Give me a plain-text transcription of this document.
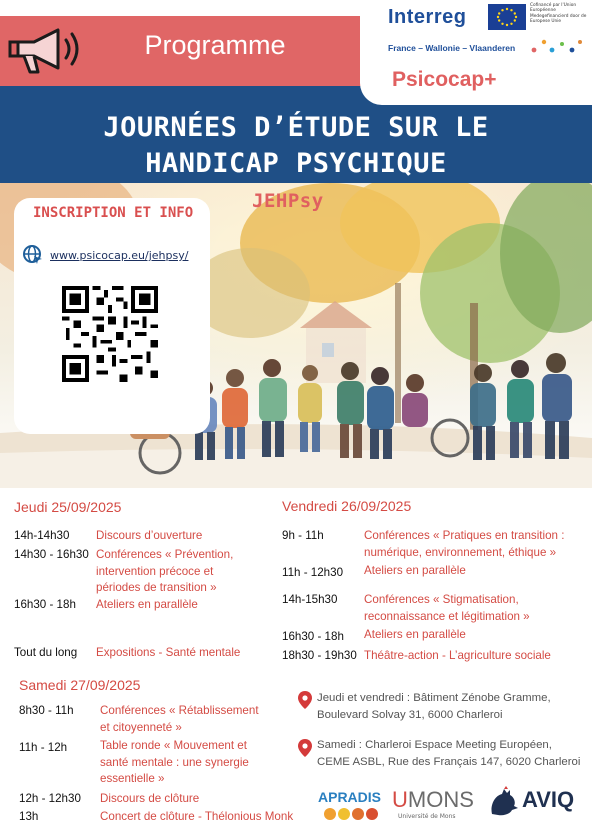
Programme
Interreg
Cofinancé par l'Union Européenne Medegefinancierd door de Europese Unie
France – Wallonie – Vlaanderen
Psicocap+
JOURNÉES D’ÉTUDE SUR LE
HANDICAP PSYCHIQUE
JEHPsy
INSCRIPTION ET INFO
www.psicocap.eu/jehpsy/
Jeudi 25/09/2025
14h-14h30 Discours d’ouverture
14h30 - 16h30 Conférences « Prévention,
intervention précoce et
périodes de transition »
16h30 - 18h Ateliers en parallèle
Tout du long Expositions - Santé mentale
Vendredi 26/09/2025
9h - 11h	Conférences « Pratiques en transition :
numérique, environnement, éthique »
11h - 12h30 Ateliers en parallèle
14h-15h30 Conférences « Stigmatisation,
reconnaissance et légitimation »
16h30 - 18h Ateliers en parallèle
18h30 - 19h30 Théâtre-action - L’agriculture sociale
Samedi 27/09/2025
8h30 - 11h Conférences « Rétablissement
et citoyenneté »
11h - 12h	Table ronde « Mouvement et
santé mentale : une synergie
essentielle »
12h - 12h30 Discours de clôture
13h	Concert de clôture - Thélonious Monk
Jeudi et vendredi : Bâtiment Zénobe Gramme,
Boulevard Solvay 31, 6000 Charleroi
Samedi : Charleroi Espace Meeting Européen,
CEME ASBL, Rue des Français 147, 6020 Charleroi
APRADIS UMONS
Université de Mons
AVIQ
